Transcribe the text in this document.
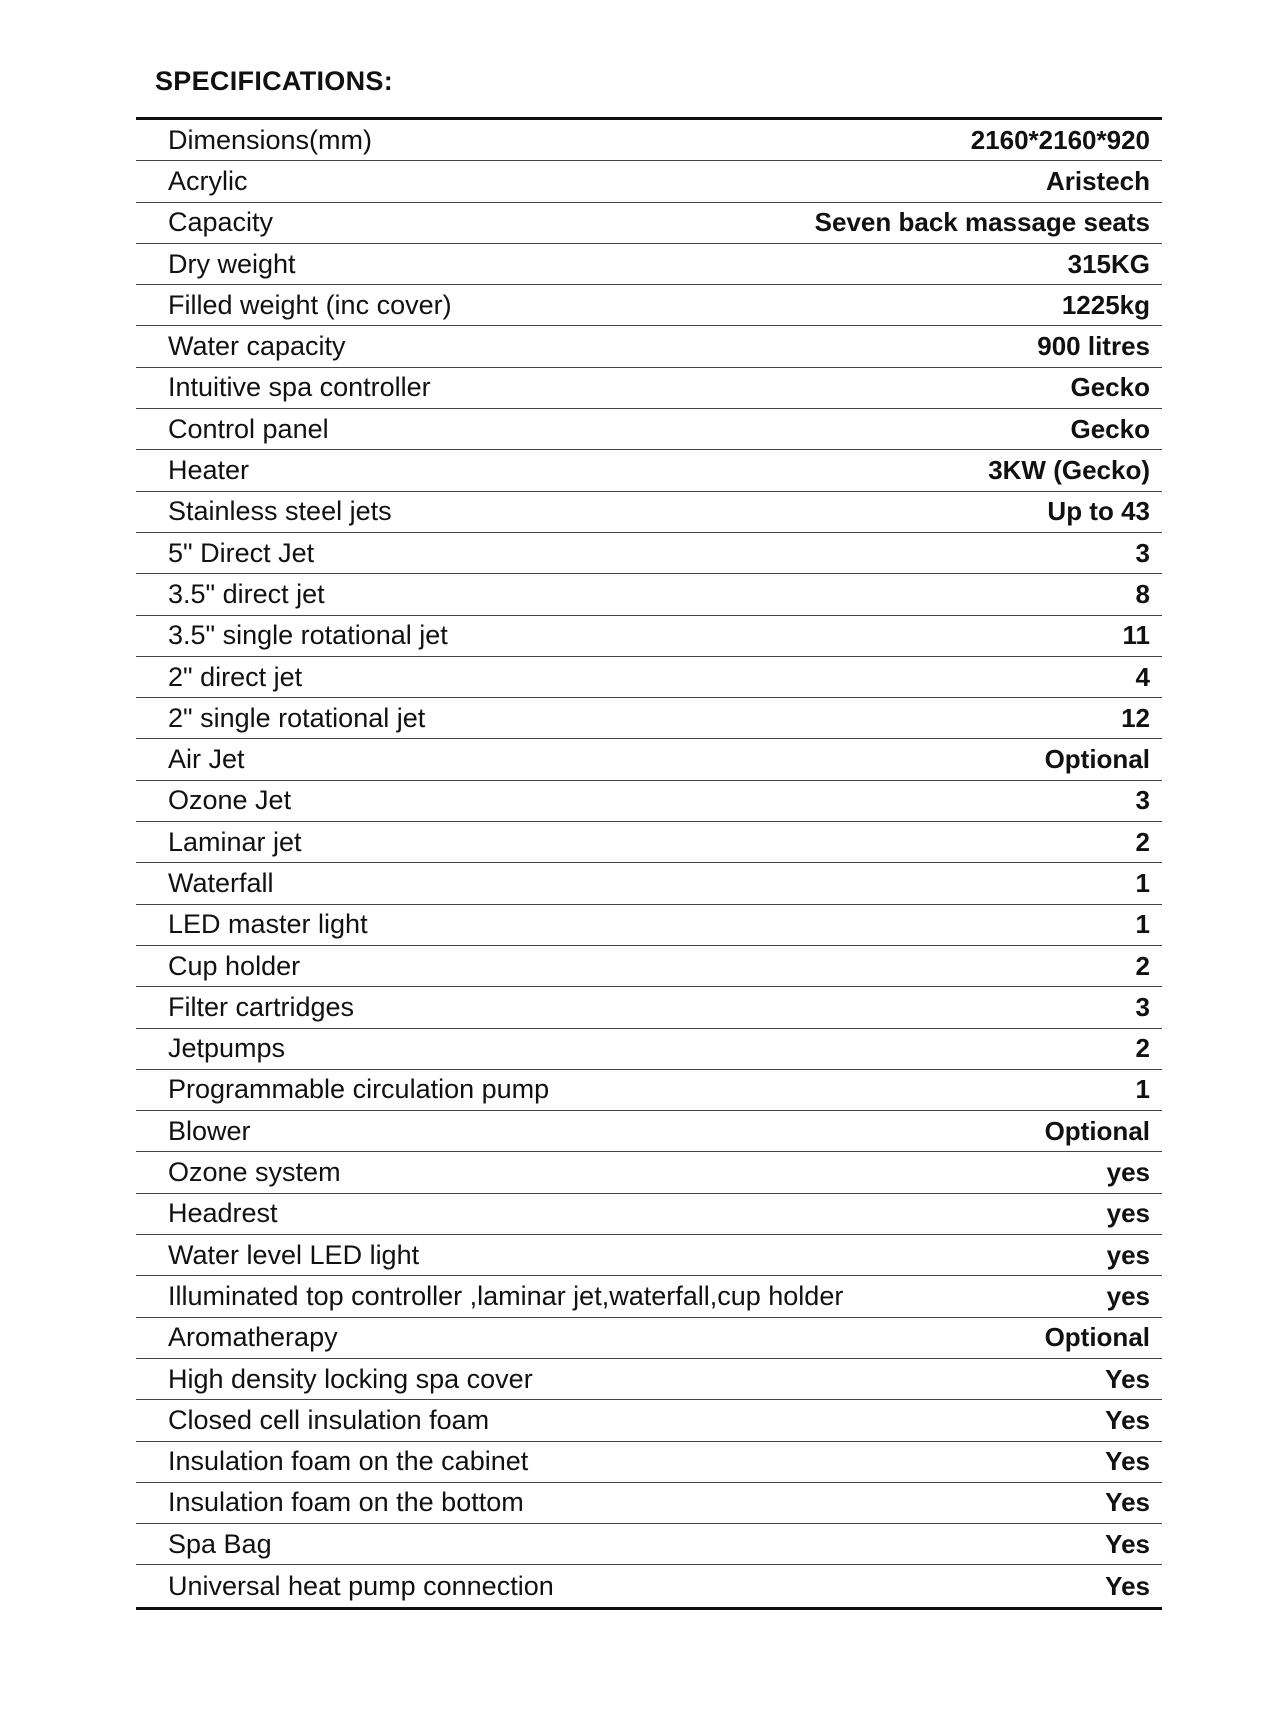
SPECIFICATIONS:
Dimensions(mm)	2160*2160*920
Acrylic	Aristech
Capacity	Seven back massage seats
Dry weight	315KG
Filled weight (inc cover)	1225kg
Water capacity	900 litres
Intuitive spa controller	Gecko
Control panel	Gecko
Heater	3KW (Gecko)
Stainless steel jets	Up to 43
5" Direct Jet	3
3.5" direct jet	8
3.5" single rotational jet	11
2" direct jet	4
2" single rotational jet	12
Air Jet	Optional
Ozone Jet	3
Laminar jet	2
Waterfall	1
LED master light	1
Cup holder	2
Filter cartridges	3
Jetpumps	2
Programmable circulation pump	1
Blower	Optional
Ozone system	yes
Headrest	yes
Water level LED light	yes
Illuminated top controller ,laminar jet,waterfall,cup holder	yes
Aromatherapy	Optional
High density locking spa cover	Yes
Closed cell insulation foam	Yes
Insulation foam on the cabinet	Yes
Insulation foam on the bottom	Yes
Spa Bag	Yes
Universal heat pump connection	Yes
